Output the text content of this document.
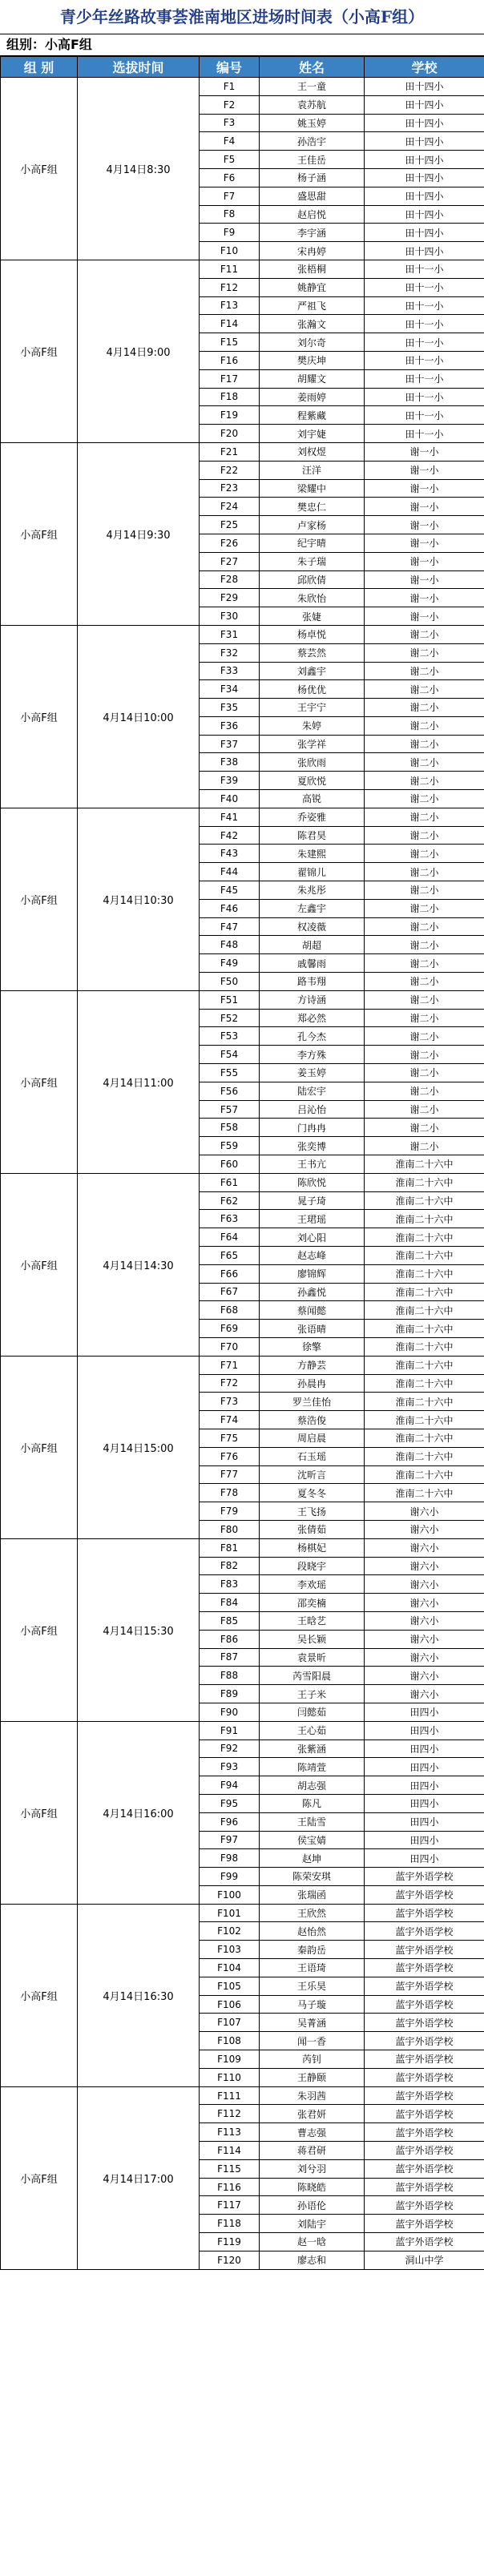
青少年丝路故事荟淮南地区进场时间表（小高F组）
组别：小高F组
组 别	选拔时间	编号	姓名	学校
小高F组	4月14日8:30	F1	王一童	田十四小
		F2	袁苏航	田十四小
		F3	姚玉婷	田十四小
		F4	孙浩宇	田十四小
		F5	王佳岳	田十四小
		F6	杨子涵	田十四小
		F7	盛思甜	田十四小
		F8	赵启悦	田十四小
		F9	李宇涵	田十四小
		F10	宋冉婷	田十四小
小高F组	4月14日9:00	F11	张梧桐	田十一小
		F12	姚静宜	田十一小
		F13	严祖飞	田十一小
		F14	张瀚文	田十一小
		F15	刘尔奇	田十一小
		F16	樊庆坤	田十一小
		F17	胡耀文	田十一小
		F18	姜雨婷	田十一小
		F19	程紫藏	田十一小
		F20	刘宇婕	田十一小
小高F组	4月14日9:30	F21	刘权煜	谢一小
		F22	汪洋	谢一小
		F23	梁耀中	谢一小
		F24	樊忠仁	谢一小
		F25	卢家杨	谢一小
		F26	纪宇晴	谢一小
		F27	朱子瑞	谢一小
		F28	邱欣倩	谢一小
		F29	朱欣怡	谢一小
		F30	张婕	谢一小
小高F组	4月14日10:00	F31	杨卓悦	谢二小
		F32	蔡芸然	谢二小
		F33	刘鑫宇	谢二小
		F34	杨优优	谢二小
		F35	王宇宁	谢二小
		F36	朱婷	谢二小
		F37	张学祥	谢二小
		F38	张欣雨	谢二小
		F39	夏欣悦	谢二小
		F40	高锐	谢二小
小高F组	4月14日10:30	F41	乔姿雅	谢二小
		F42	陈君昊	谢二小
		F43	朱建熙	谢二小
		F44	翟锦儿	谢二小
		F45	朱兆彤	谢二小
		F46	左鑫宇	谢二小
		F47	权凌薇	谢二小
		F48	胡超	谢二小
		F49	戚馨雨	谢二小
		F50	路韦翔	谢二小
小高F组	4月14日11:00	F51	方诗涵	谢二小
		F52	郑必然	谢二小
		F53	孔今杰	谢二小
		F54	李方殊	谢二小
		F55	姜玉婷	谢二小
		F56	陆宏宇	谢二小
		F57	吕沁怡	谢二小
		F58	门冉冉	谢二小
		F59	张奕博	谢二小
		F60	王书亢	淮南二十六中
小高F组	4月14日14:30	F61	陈欣悦	淮南二十六中
		F62	晁子琦	淮南二十六中
		F63	王珺瑶	淮南二十六中
		F64	刘心阳	淮南二十六中
		F65	赵志峰	淮南二十六中
		F66	廖锦辉	淮南二十六中
		F67	孙鑫悦	淮南二十六中
		F68	蔡闻懿	淮南二十六中
		F69	张语晴	淮南二十六中
		F70	徐擎	淮南二十六中
小高F组	4月14日15:00	F71	方静芸	淮南二十六中
		F72	孙晨冉	淮南二十六中
		F73	罗兰佳怡	淮南二十六中
		F74	蔡浩俊	淮南二十六中
		F75	周启晨	淮南二十六中
		F76	石玉瑶	淮南二十六中
		F77	沈昕言	淮南二十六中
		F78	夏冬冬	淮南二十六中
		F79	王飞扬	谢六小
		F80	张倩茹	谢六小
小高F组	4月14日15:30	F81	杨棋妃	谢六小
		F82	段晓宇	谢六小
		F83	李欢瑶	谢六小
		F84	邵奕楠	谢六小
		F85	王晗艺	谢六小
		F86	吴长颖	谢六小
		F87	袁景昕	谢六小
		F88	芮雪阳晨	谢六小
		F89	王子米	谢六小
		F90	闫懿茹	田四小
小高F组	4月14日16:00	F91	王心茹	田四小
		F92	张紫涵	田四小
		F93	陈靖萱	田四小
		F94	胡志强	田四小
		F95	陈凡	田四小
		F96	王陆雪	田四小
		F97	侯宝婧	田四小
		F98	赵坤	田四小
		F99	陈荣安琪	蓝宇外语学校
		F100	张瑞函	蓝宇外语学校
小高F组	4月14日16:30	F101	王欣然	蓝宇外语学校
		F102	赵怡然	蓝宇外语学校
		F103	秦韵岳	蓝宇外语学校
		F104	王语琦	蓝宇外语学校
		F105	王乐昊	蓝宇外语学校
		F106	马子璇	蓝宇外语学校
		F107	吴菁涵	蓝宇外语学校
		F108	闻一香	蓝宇外语学校
		F109	芮钊	蓝宇外语学校
		F110	王静颐	蓝宇外语学校
小高F组	4月14日17:00	F111	朱羽茜	蓝宇外语学校
		F112	张君妍	蓝宇外语学校
		F113	曹志强	蓝宇外语学校
		F114	蒋君研	蓝宇外语学校
		F115	刘兮羽	蓝宇外语学校
		F116	陈晓皓	蓝宇外语学校
		F117	孙语伦	蓝宇外语学校
		F118	刘陆宇	蓝宇外语学校
		F119	赵一晗	蓝宇外语学校
		F120	廖志和	洞山中学
